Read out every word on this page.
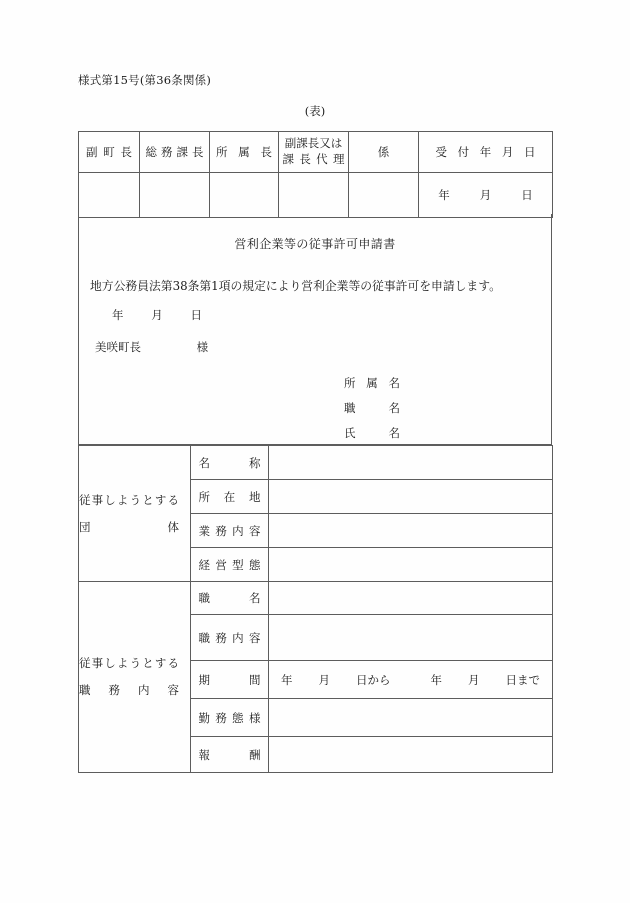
様式第15号(第36条関係)
(表)
副町長	総務課長	所属長	副課長又は
課長代理	係	受付年月日
					年 月 日
営利企業等の従事許可申請書
地方公務員法第38条第1項の規定により営利企業等の従事許可を申請します。
年月日
美咲町長	様
所属名
職名
氏名
従事しようとする
団体	名称	
	所在地	
	業務内容	
	経営型態	

従事しようとする
職務内容	職名	
	職務内容	
	期間	年 月 日から 年 月 日まで
	勤務態様	
	報酬	
